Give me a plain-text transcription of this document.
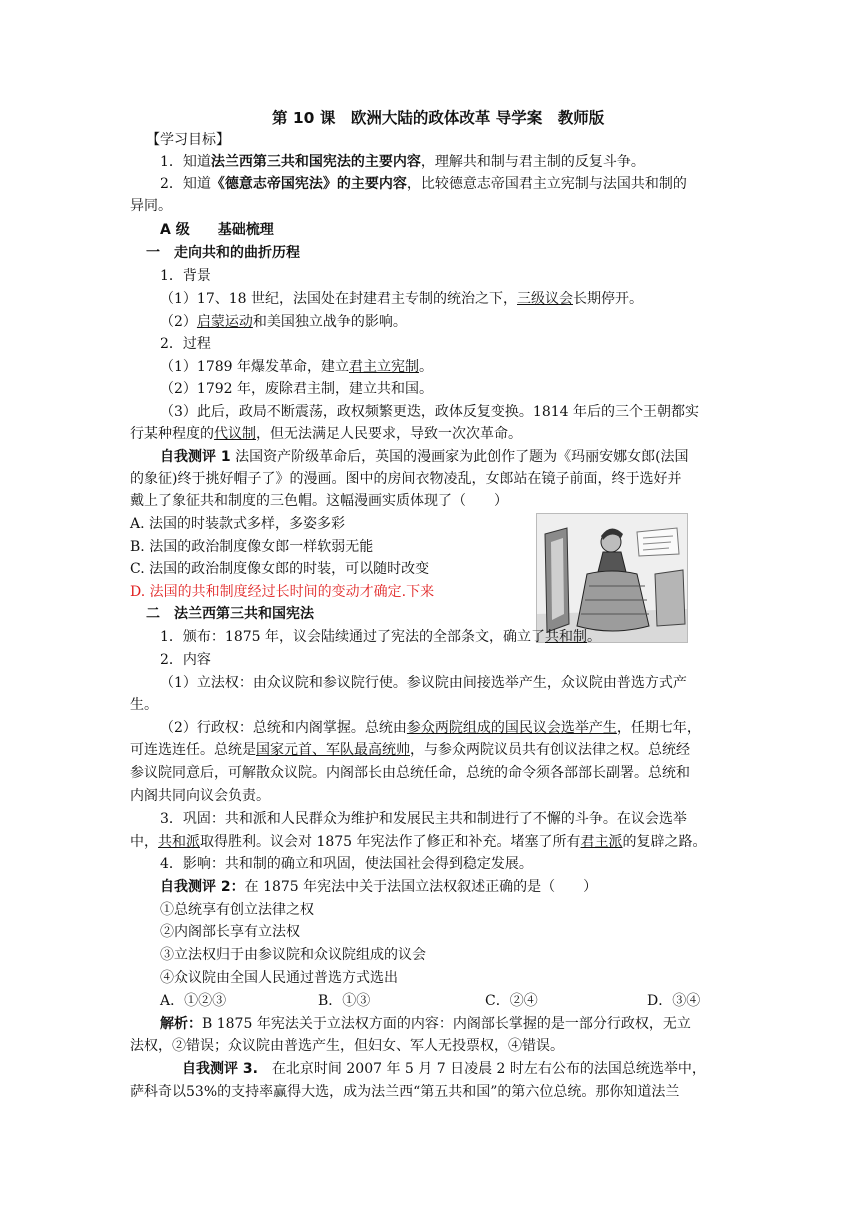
第 10 课　欧洲大陆的政体改革 导学案　教师版
【学习目标】
1．知道法兰西第三共和国宪法的主要内容，理解共和制与君主制的反复斗争。
2．知道《德意志帝国宪法》的主要内容，比较德意志帝国君主立宪制与法国共和制的
异同。
A 级　　基础梳理
一　走向共和的曲折历程
1．背景
（1）17、18 世纪，法国处在封建君主专制的统治之下，三级议会长期停开。
（2）启蒙运动和美国独立战争的影响。
2．过程
（1）1789 年爆发革命，建立君主立宪制。
（2）1792 年，废除君主制，建立共和国。
（3）此后，政局不断震荡，政权频繁更迭，政体反复变换。1814 年后的三个王朝都实
行某种程度的代议制，但无法满足人民要求，导致一次次革命。
自我测评 1 法国资产阶级革命后，英国的漫画家为此创作了题为《玛丽安娜女郎(法国
的象征)终于挑好帽子了》的漫画。图中的房间衣物凌乱，女郎站在镜子前面，终于选好并
戴上了象征共和制度的三色帽。这幅漫画实质体现了（　　）
A. 法国的时装款式多样，多姿多彩
B. 法国的政治制度像女郎一样软弱无能
C. 法国的政治制度像女郎的时装，可以随时改变
D. 法国的共和制度经过长时间的变动才确定.下来
二　法兰西第三共和国宪法
1．颁布：1875 年，议会陆续通过了宪法的全部条文，确立了共和制。
2．内容
（1）立法权：由众议院和参议院行使。参议院由间接选举产生，众议院由普选方式产
生。
（2）行政权：总统和内阁掌握。总统由参众两院组成的国民议会选举产生，任期七年，
可连选连任。总统是国家元首、军队最高统帅，与参众两院议员共有创议法律之权。总统经
参议院同意后，可解散众议院。内阁部长由总统任命，总统的命令须各部部长副署。总统和
内阁共同向议会负责。
3．巩固：共和派和人民群众为维护和发展民主共和制进行了不懈的斗争。在议会选举
中，共和派取得胜利。议会对 1875 年宪法作了修正和补充。堵塞了所有君主派的复辟之路。
4．影响：共和制的确立和巩固，使法国社会得到稳定发展。
自我测评 2：在 1875 年宪法中关于法国立法权叙述正确的是（　　）
①总统享有创立法律之权
②内阁部长享有立法权
③立法权归于由参议院和众议院组成的议会
④众议院由全国人民通过普选方式选出
A．①②③	B．①③	C．②④	D．③④
解析：B 1875 年宪法关于立法权方面的内容：内阁部长掌握的是一部分行政权，无立
法权，②错误；众议院由普选产生，但妇女、军人无投票权，④错误。
自我测评 3.　在北京时间 2007 年 5 月 7 日凌晨 2 时左右公布的法国总统选举中，
萨科奇以53%的支持率赢得大选，成为法兰西“第五共和国”的第六位总统。那你知道法兰
